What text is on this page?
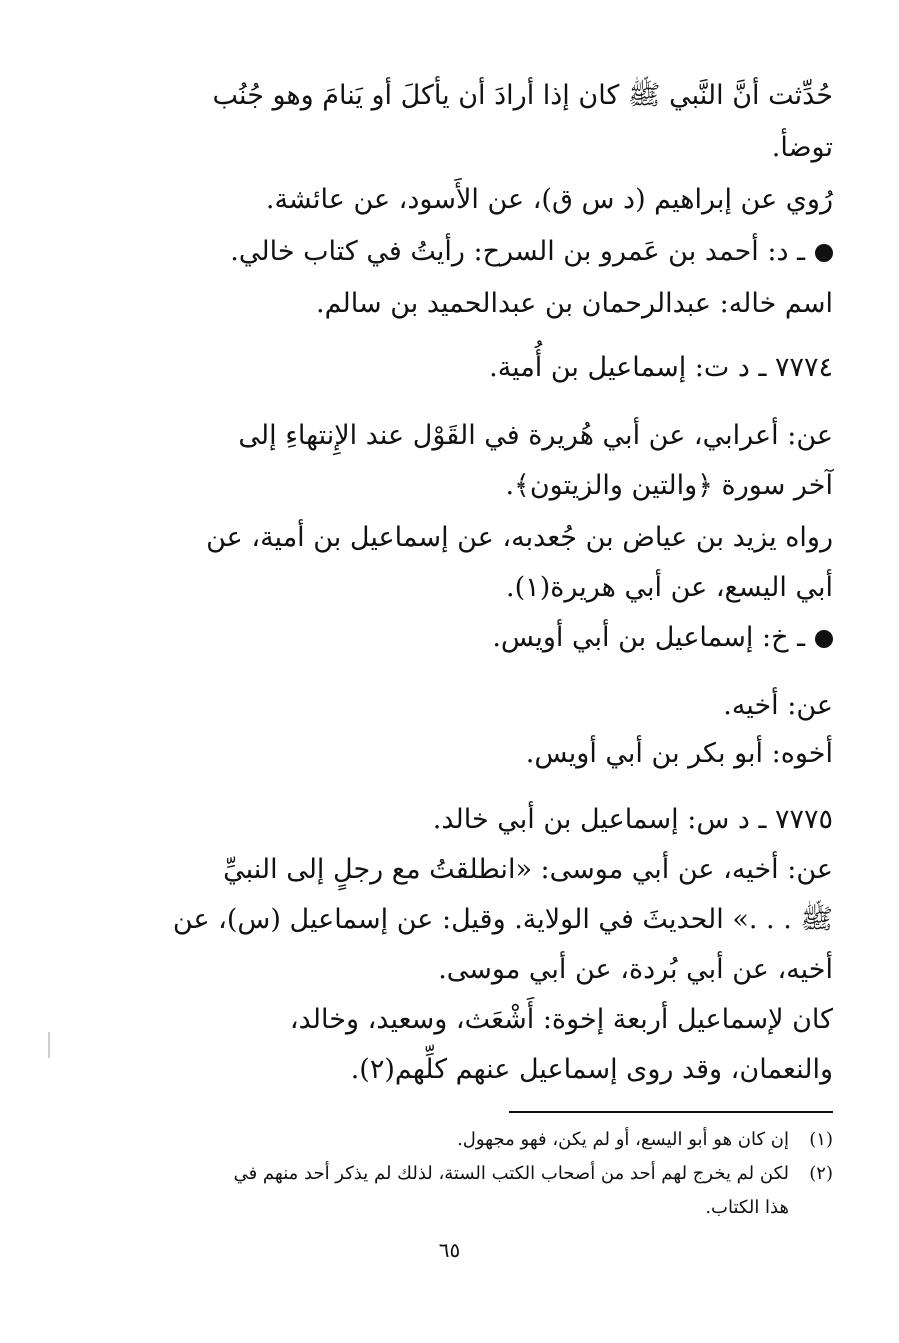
حُدِّثت أنَّ النَّبي ﷺ كان إذا أرادَ أن يأكلَ أو يَنامَ وهو جُنُب
توضأ.
رُوي عن إبراهيم (د س ق)، عن الأَسود، عن عائشة.
ـ د: أحمد بن عَمرو بن السرح: رأيتُ في كتاب خالي.
اسم خاله: عبدالرحمان بن عبدالحميد بن سالم.
٧٧٧٤ ـ د ت: إسماعيل بن أُمية.
عن: أعرابي، عن أبي هُريرة في القَوْل عند الإِنتهاءِ إلى
آخر سورة ﴿والتين والزيتون﴾.
رواه يزيد بن عياض بن جُعدبه، عن إسماعيل بن أمية، عن
أبي اليسع، عن أبي هريرة(١).
ـ خ: إسماعيل بن أبي أويس.
عن: أخيه.
أخوه: أبو بكر بن أبي أويس.
٧٧٧٥ ـ د س: إسماعيل بن أبي خالد.
عن: أخيه، عن أبي موسى: «انطلقتُ مع رجلٍ إلى النبيِّ
ﷺ . . .» الحديثَ في الولاية. وقيل: عن إسماعيل (س)، عن
أخيه، عن أبي بُردة، عن أبي موسى.
كان لإسماعيل أربعة إخوة: أَشْعَث، وسعيد، وخالد،
والنعمان، وقد روى إسماعيل عنهم كلِّهم(٢).
(١)إن كان هو أبو اليسع، أو لم يكن، فهو مجهول.
(٢)لكن لم يخرج لهم أحد من أصحاب الكتب الستة، لذلك لم يذكر أحد منهم في
هذا الكتاب.
٦٥
